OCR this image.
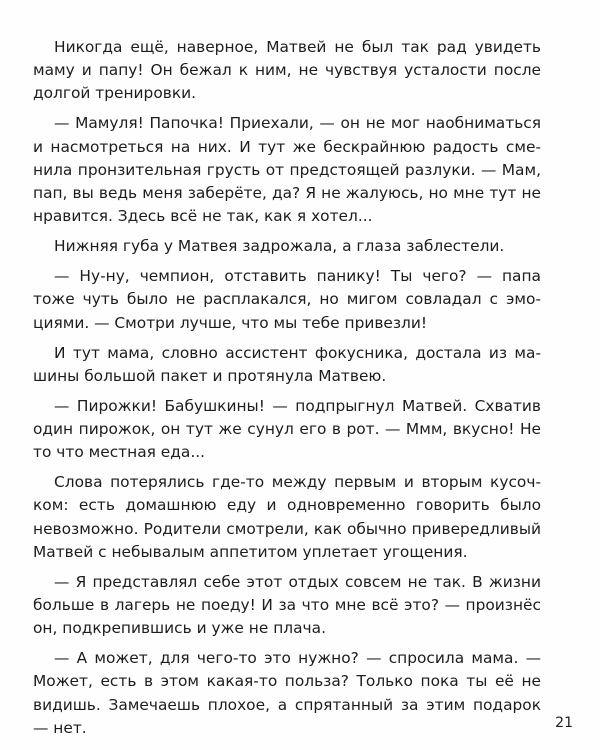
Никогда ещё, наверное, Матвей не был так рад увидеть маму и папу! Он бежал к ним, не чувствуя усталости после долгой тренировки.

— Мамуля! Папочка! Приехали, — он не мог наобниматься и насмотреться на них. И тут же бескрайнюю радость сменила пронзительная грусть от предстоящей разлуки. — Мам, пап, вы ведь меня заберёте, да? Я не жалуюсь, но мне тут не нравится. Здесь всё не так, как я хотел...

Нижняя губа у Матвея задрожала, а глаза заблестели.

— Ну-ну, чемпион, отставить панику! Ты чего? — папа тоже чуть было не расплакался, но мигом совладал с эмоциями. — Смотри лучше, что мы тебе привезли!

И тут мама, словно ассистент фокусника, достала из машины большой пакет и протянула Матвею.

— Пирожки! Бабушкины! — подпрыгнул Матвей. Схватив один пирожок, он тут же сунул его в рот. — Ммм, вкусно! Не то что местная еда...

Слова потерялись где-то между первым и вторым кусочком: есть домашнюю еду и одновременно говорить было невозможно. Родители смотрели, как обычно привередливый Матвей с небывалым аппетитом уплетает угощения.

— Я представлял себе этот отдых совсем не так. В жизни больше в лагерь не поеду! И за что мне всё это? — произнёс он, подкрепившись и уже не плача.

— А может, для чего-то это нужно? — спросила мама. — Может, есть в этом какая-то польза? Только пока ты её не видишь. Замечаешь плохое, а спрятанный за этим подарок — нет.	21
